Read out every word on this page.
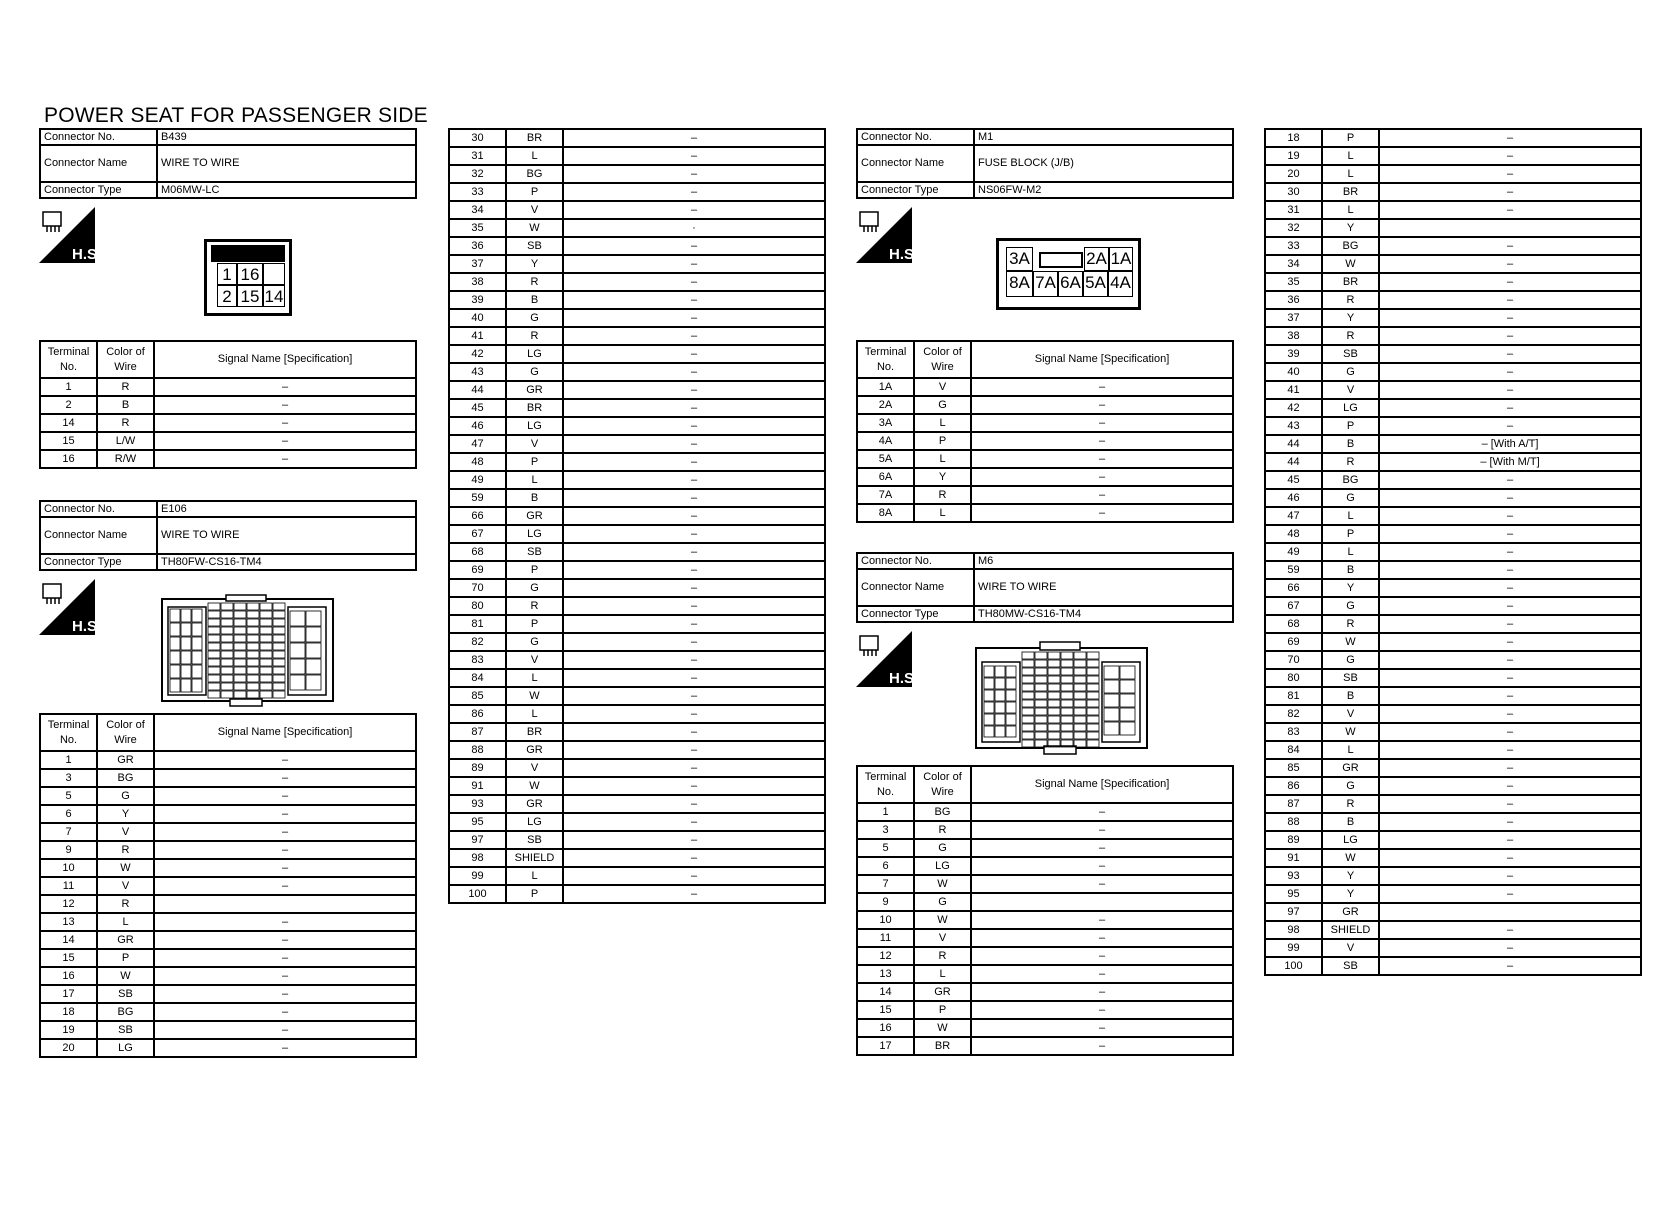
POWER SEAT FOR PASSENGER SIDE
Connector No.	B439
Connector Name	WIRE TO WIRE
Connector Type	M06MW-LC
H.S.
1 16
2 15 14
Terminal No.	Color of Wire	Signal Name [Specification]
1	R	–
2	B	–
14	R	–
15	L/W	–
16	R/W	–
Connector No.	E106
Connector Name	WIRE TO WIRE
Connector Type	TH80FW-CS16-TM4
H.S.
Terminal No.	Color of Wire	Signal Name [Specification]
1	GR	–
3	BG	–
5	G	–
6	Y	–
7	V	–
9	R	–
10	W	–
11	V	–
12	R	
13	L	–
14	GR	–
15	P	–
16	W	–
17	SB	–
18	BG	–
19	SB	–
20	LG	–
30	BR	–
31	L	–
32	BG	–
33	P	–
34	V	–
35	W	·
36	SB	–
37	Y	–
38	R	–
39	B	–
40	G	–
41	R	–
42	LG	–
43	G	–
44	GR	–
45	BR	–
46	LG	–
47	V	–
48	P	–
49	L	–
59	B	–
66	GR	–
67	LG	–
68	SB	–
69	P	–
70	G	–
80	R	–
81	P	–
82	G	–
83	V	–
84	L	–
85	W	–
86	L	–
87	BR	–
88	GR	–
89	V	–
91	W	–
93	GR	–
95	LG	–
97	SB	–
98	SHIELD	–
99	L	–
100	P	–
Connector No.	M1
Connector Name	FUSE BLOCK (J/B)
Connector Type	NS06FW-M2
H.S.	3A	2A 1A
8A 7A 6A 5A 4A
Terminal No.	Color of Wire	Signal Name [Specification]
1A	V	–
2A	G	–
3A	L	–
4A	P	–
5A	L	–
6A	Y	–
7A	R	–
8A	L	–
Connector No.	M6
Connector Name	WIRE TO WIRE
Connector Type	TH80MW-CS16-TM4
H.S.
Terminal No.	Color of Wire	Signal Name [Specification]
1	BG	–
3	R	–
5	G	–
6	LG	–
7	W	–
9	G	
10	W	–
11	V	–
12	R	–
13	L	–
14	GR	–
15	P	–
16	W	–
17	BR	–
18	P	–
19	L	–
20	L	–
30	BR	–
31	L	–
32	Y	
33	BG	–
34	W	–
35	BR	–
36	R	–
37	Y	–
38	R	–
39	SB	–
40	G	–
41	V	–
42	LG	–
43	P	–
44	B	– [With A/T]
44	R	– [With M/T]
45	BG	–
46	G	–
47	L	–
48	P	–
49	L	–
59	B	–
66	Y	–
67	G	–
68	R	–
69	W	–
70	G	–
80	SB	–
81	B	–
82	V	–
83	W	–
84	L	–
85	GR	–
86	G	–
87	R	–
88	B	–
89	LG	–
91	W	–
93	Y	–
95	Y	–
97	GR	
98	SHIELD	–
99	V	–
100	SB	–
